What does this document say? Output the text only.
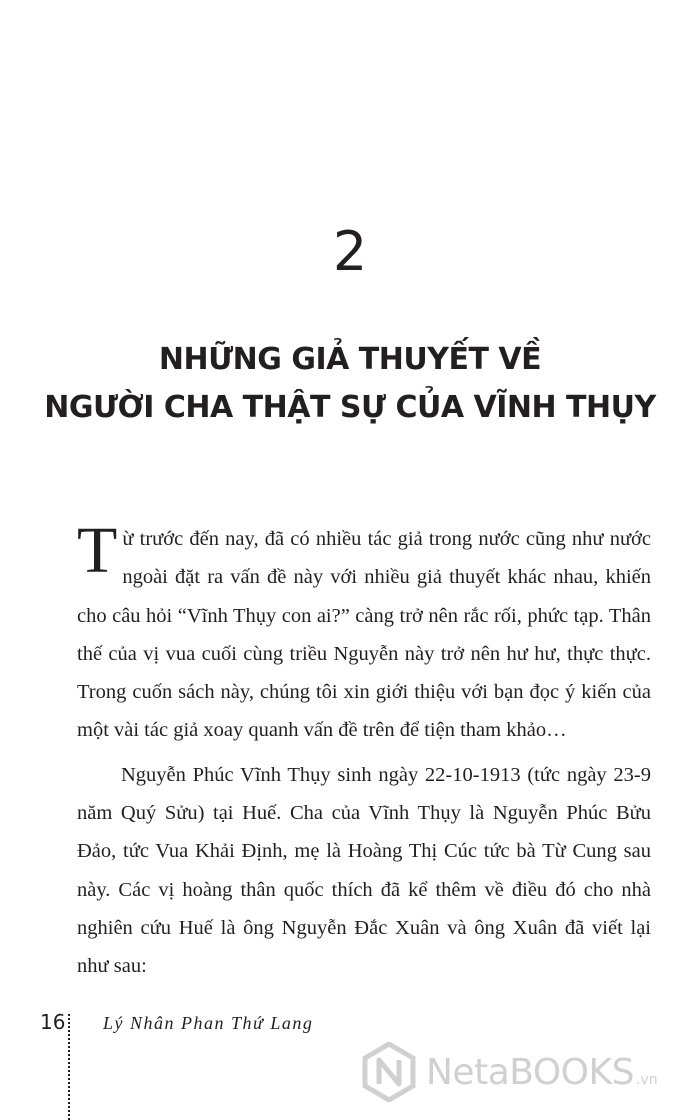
2
NHỮNG GIẢ THUYẾT VỀ
NGƯỜI CHA THẬT SỰ CỦA VĨNH THỤY

Từ trước đến nay, đã có nhiều tác giả trong nước cũng như nước ngoài đặt ra vấn đề này với nhiều giả thuyết khác nhau, khiến cho câu hỏi “Vĩnh Thụy con ai?” càng trở nên rắc rối, phức tạp. Thân thế của vị vua cuối cùng triều Nguyễn này trở nên hư hư, thực thực. Trong cuốn sách này, chúng tôi xin giới thiệu với bạn đọc ý kiến của một vài tác giả xoay quanh vấn đề trên để tiện tham khảo…

Nguyễn Phúc Vĩnh Thụy sinh ngày 22-10-1913 (tức ngày 23-9 năm Quý Sửu) tại Huế. Cha của Vĩnh Thụy là Nguyễn Phúc Bửu Đảo, tức Vua Khải Định, mẹ là Hoàng Thị Cúc tức bà Từ Cung sau này. Các vị hoàng thân quốc thích đã kể thêm về điều đó cho nhà nghiên cứu Huế là ông Nguyễn Đắc Xuân và ông Xuân đã viết lại như sau:

16 Lý Nhân Phan Thứ Lang
NetaBOOKS .vn
